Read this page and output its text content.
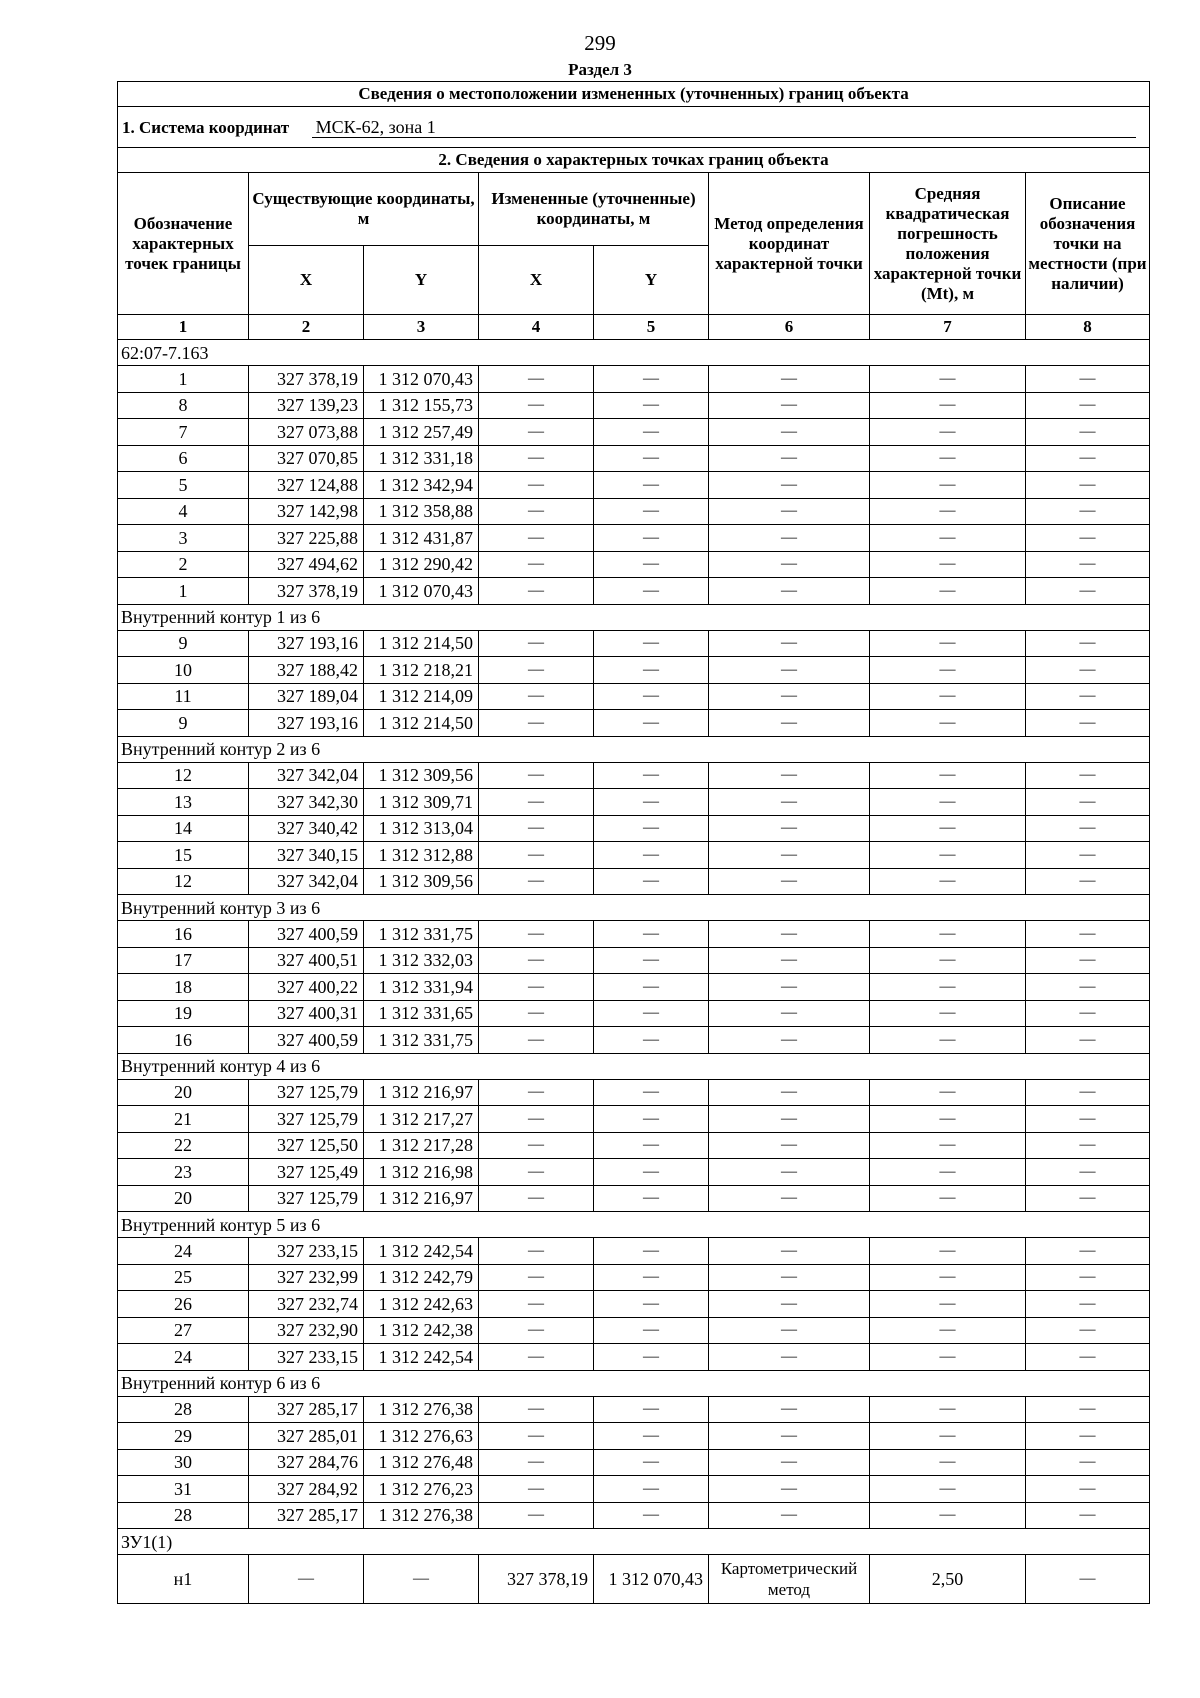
299
Раздел 3
Сведения о местоположении измененных (уточненных) границ объекта							
1. Система координат МСК-62, зона 1							
2. Сведения о характерных точках границ объекта							
Обозначение характерных точек границы	Существующие координаты, м		Измененные (уточненные) координаты, м		Метод определения координат характерной точки	Средняя квадратическая погрешность положения характерной точки (Mt), м	Описание обозначения точки на местности (при наличии)
	X	Y	X	Y			
1	2	3	4	5	6	7	8
62:07-7.163							
1	327 378,19	1 312 070,43	—	—	—	—	—
8	327 139,23	1 312 155,73	—	—	—	—	—
7	327 073,88	1 312 257,49	—	—	—	—	—
6	327 070,85	1 312 331,18	—	—	—	—	—
5	327 124,88	1 312 342,94	—	—	—	—	—
4	327 142,98	1 312 358,88	—	—	—	—	—
3	327 225,88	1 312 431,87	—	—	—	—	—
2	327 494,62	1 312 290,42	—	—	—	—	—
1	327 378,19	1 312 070,43	—	—	—	—	—
Внутренний контур 1 из 6							
9	327 193,16	1 312 214,50	—	—	—	—	—
10	327 188,42	1 312 218,21	—	—	—	—	—
11	327 189,04	1 312 214,09	—	—	—	—	—
9	327 193,16	1 312 214,50	—	—	—	—	—
Внутренний контур 2 из 6							
12	327 342,04	1 312 309,56	—	—	—	—	—
13	327 342,30	1 312 309,71	—	—	—	—	—
14	327 340,42	1 312 313,04	—	—	—	—	—
15	327 340,15	1 312 312,88	—	—	—	—	—
12	327 342,04	1 312 309,56	—	—	—	—	—
Внутренний контур 3 из 6							
16	327 400,59	1 312 331,75	—	—	—	—	—
17	327 400,51	1 312 332,03	—	—	—	—	—
18	327 400,22	1 312 331,94	—	—	—	—	—
19	327 400,31	1 312 331,65	—	—	—	—	—
16	327 400,59	1 312 331,75	—	—	—	—	—
Внутренний контур 4 из 6							
20	327 125,79	1 312 216,97	—	—	—	—	—
21	327 125,79	1 312 217,27	—	—	—	—	—
22	327 125,50	1 312 217,28	—	—	—	—	—
23	327 125,49	1 312 216,98	—	—	—	—	—
20	327 125,79	1 312 216,97	—	—	—	—	—
Внутренний контур 5 из 6							
24	327 233,15	1 312 242,54	—	—	—	—	—
25	327 232,99	1 312 242,79	—	—	—	—	—
26	327 232,74	1 312 242,63	—	—	—	—	—
27	327 232,90	1 312 242,38	—	—	—	—	—
24	327 233,15	1 312 242,54	—	—	—	—	—
Внутренний контур 6 из 6							
28	327 285,17	1 312 276,38	—	—	—	—	—
29	327 285,01	1 312 276,63	—	—	—	—	—
30	327 284,76	1 312 276,48	—	—	—	—	—
31	327 284,92	1 312 276,23	—	—	—	—	—
28	327 285,17	1 312 276,38	—	—	—	—	—
ЗУ1(1)							
н1	—	—	327 378,19	1 312 070,43	Картометрический метод	2,50	—
